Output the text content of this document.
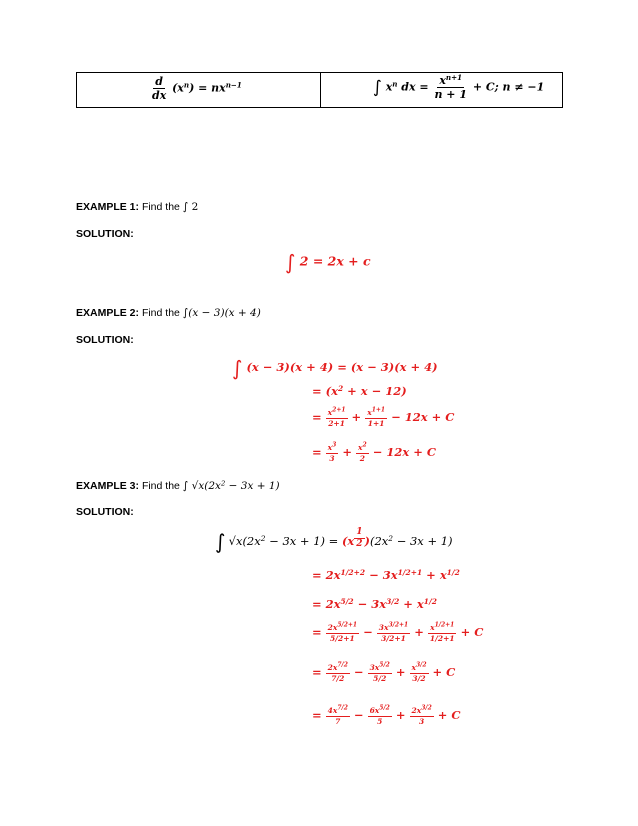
$\frac{d}{dx} (x^n) = nx^{n-1}$	∫ $x^n$ dx = $\frac{x^{n+1}}{n + 1} + C$; n ≠ −1
EXAMPLE 1: Find the ∫ 2
SOLUTION:
∫ 2 = 2x + c
EXAMPLE 2: Find the ∫(x − 3)(x + 4)
SOLUTION:
∫ (x − 3)(x + 4) = (x − 3)(x + 4)
= $(x^2 + x - 12)$
= $\frac{x^{2+1}}{2+1} + \frac{x^{1+1}}{1+1} - 12x + C$
= $\frac{x^3}{3} + \frac{x^2}{2} - 12x + C$
EXAMPLE 3: Find the ∫ $√x(2x^2 - 3x + 1)$
SOLUTION:
∫ $√x(2x^2 - 3x + 1) = (x$ $^{\frac{1}{2}}$ )$(2x^2 - 3x + 1)$
= $2x^{1/2+2} - 3x^{1/2+1} + x^{1/2}$
= $2x^{5/2} - 3x^{3/2} + x^{1/2}$
= $\frac{2x^{5/2+1}}{5/2+1} - \frac{3x^{3/2+1}}{3/2+1} + \frac{x^{1/2+1}}{1/2+1} + C$
= $\frac{2x^{7/2}}{7/2} - \frac{3x^{5/2}}{5/2} + \frac{x^{3/2}}{3/2} + C$
= $\frac{4x^{7/2}}{7} - \frac{6x^{5/2}}{5} + \frac{2x^{3/2}}{3} + C$
